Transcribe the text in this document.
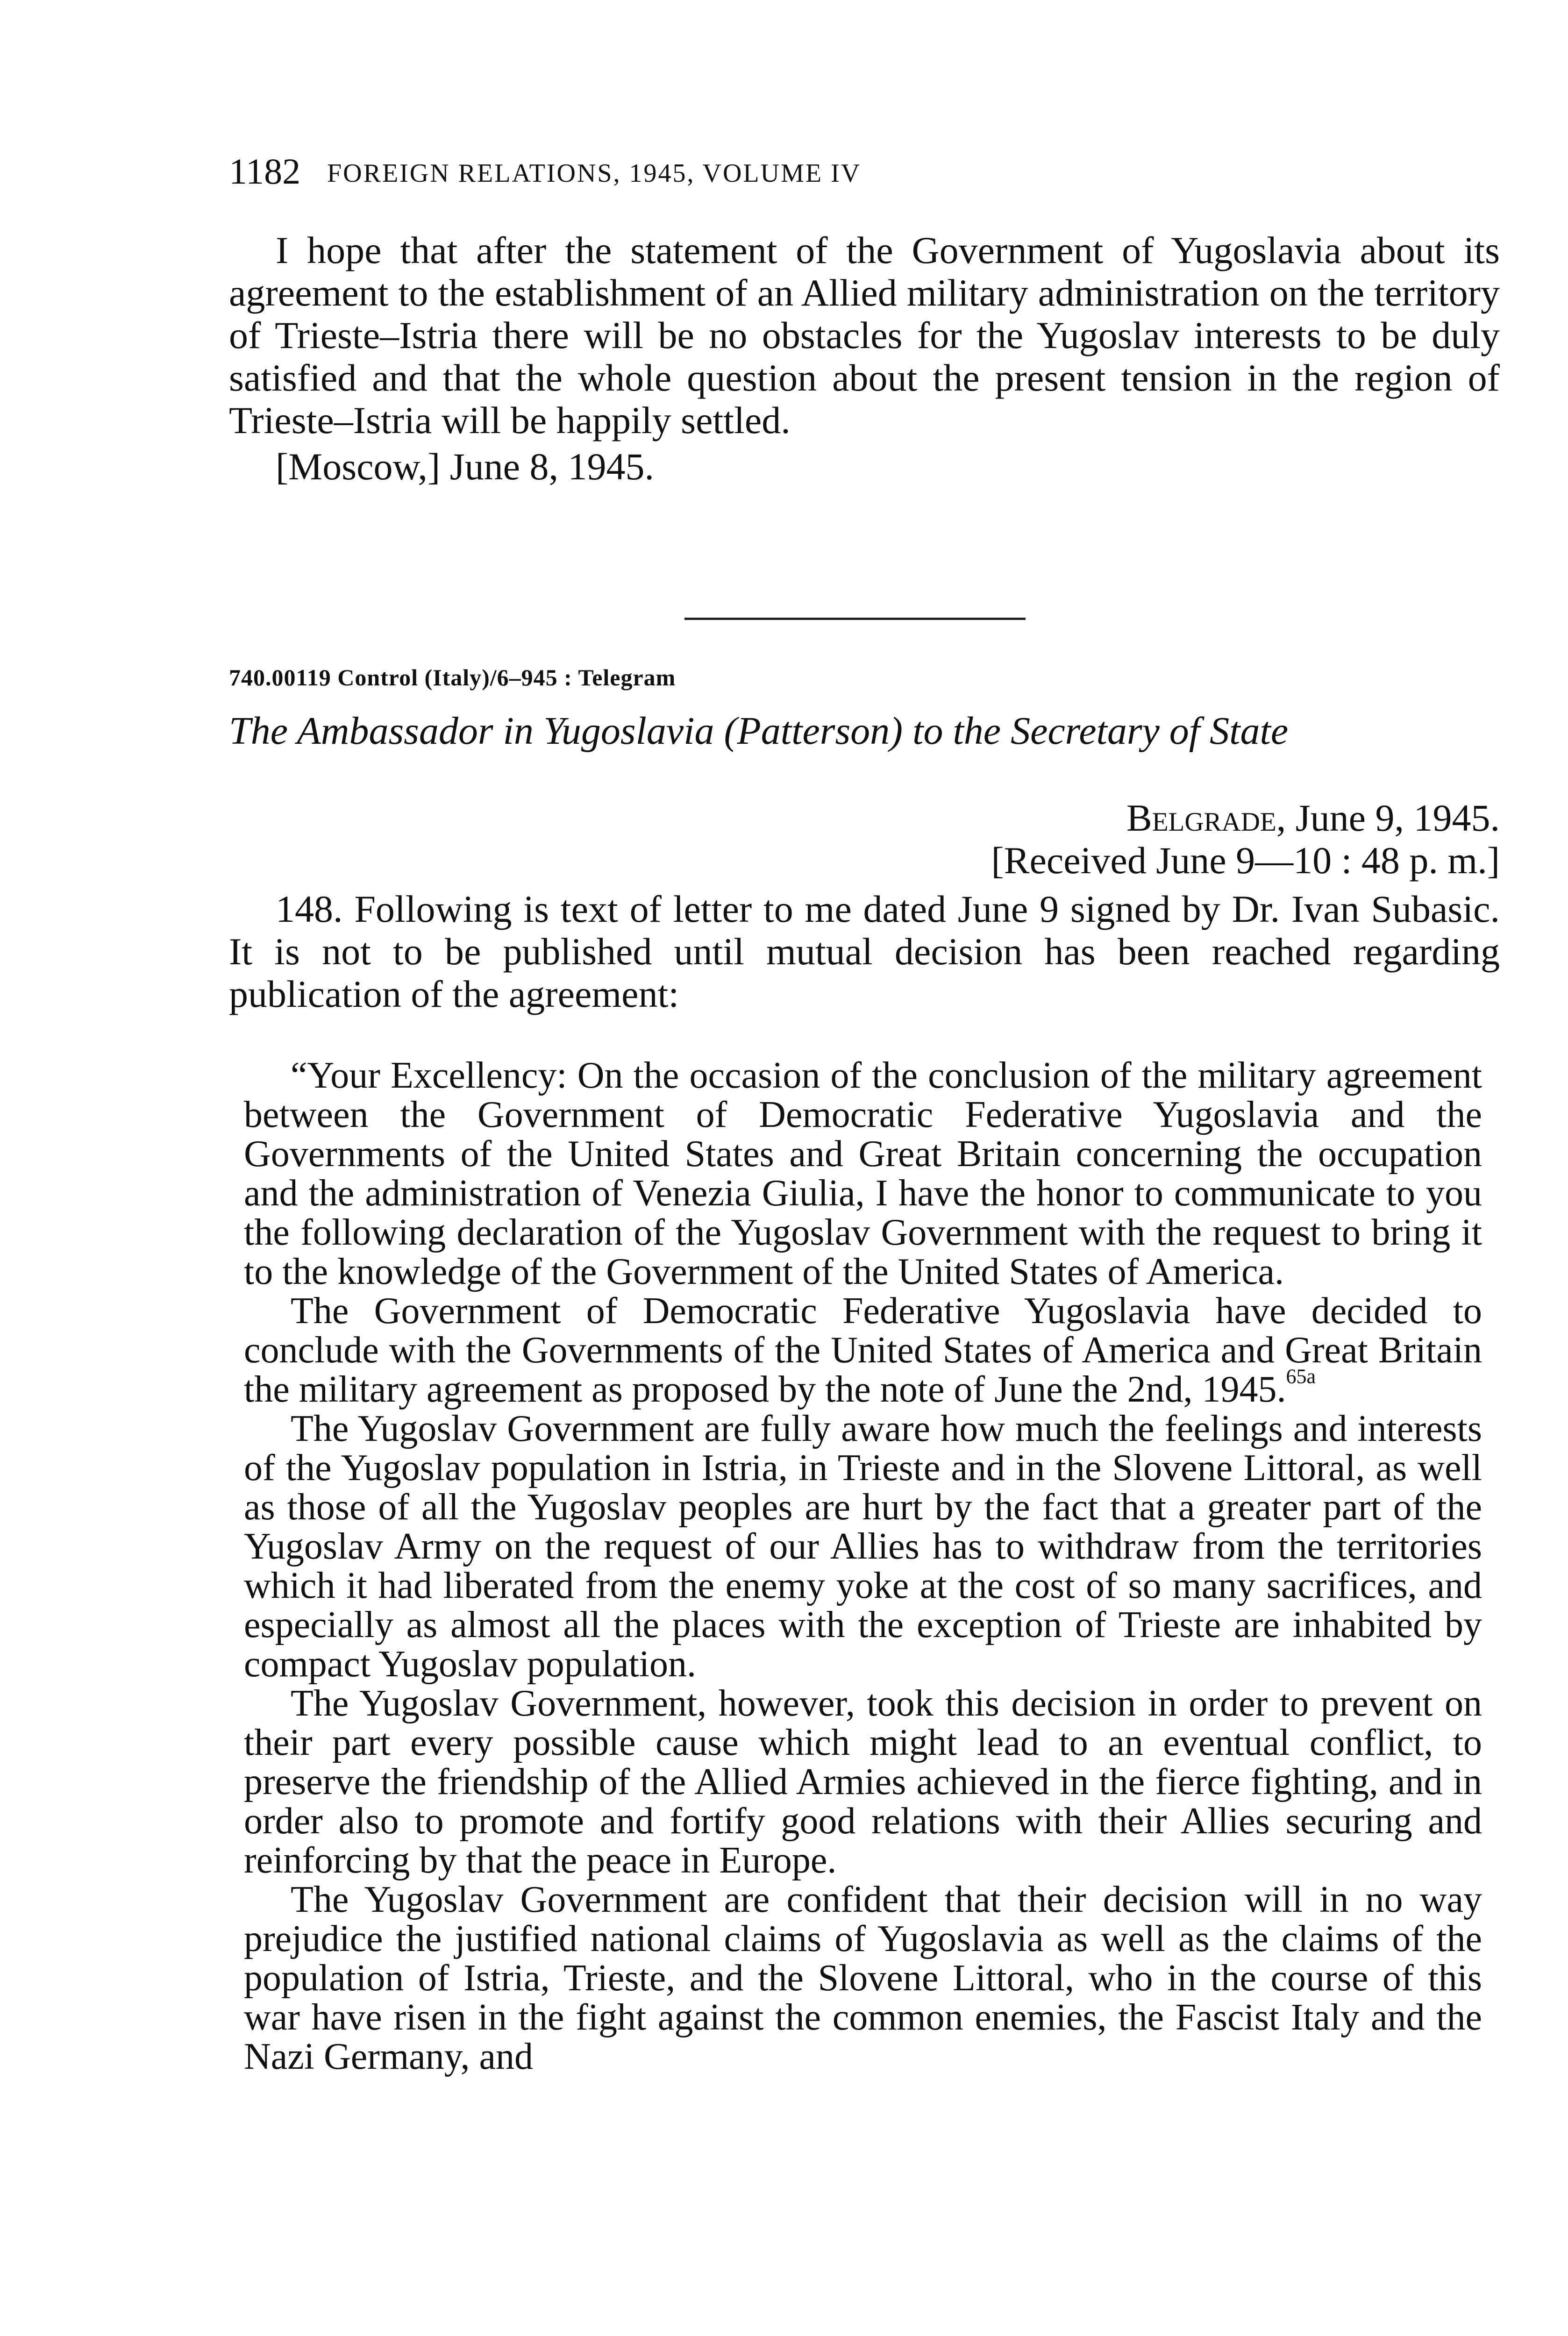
1182 FOREIGN RELATIONS, 1945, VOLUME IV

I hope that after the statement of the Government of Yugoslavia about its agreement to the establishment of an Allied military administration on the territory of Trieste–Istria there will be no obstacles for the Yugoslav interests to be duly satisfied and that the whole question about the present tension in the region of Trieste–Istria will be happily settled.

[Moscow,] June 8, 1945.
740.00119 Control (Italy)/6–945 : Telegram
The Ambassador in Yugoslavia (Patterson) to the Secretary of State
Belgrade, June 9, 1945.
[Received June 9—10 : 48 p. m.]

148. Following is text of letter to me dated June 9 signed by Dr. Ivan Subasic. It is not to be published until mutual decision has been reached regarding publication of the agreement:

“Your Excellency: On the occasion of the conclusion of the military agreement between the Government of Democratic Federative Yugoslavia and the Governments of the United States and Great Britain concerning the occupation and the administration of Venezia Giulia, I have the honor to communicate to you the following declaration of the Yugoslav Government with the request to bring it to the knowledge of the Government of the United States of America.

The Government of Democratic Federative Yugoslavia have decided to conclude with the Governments of the United States of America and Great Britain the military agreement as proposed by the note of June the 2nd, 1945.$^{65a}$

The Yugoslav Government are fully aware how much the feelings and interests of the Yugoslav population in Istria, in Trieste and in the Slovene Littoral, as well as those of all the Yugoslav peoples are hurt by the fact that a greater part of the Yugoslav Army on the request of our Allies has to withdraw from the territories which it had liberated from the enemy yoke at the cost of so many sacrifices, and especially as almost all the places with the exception of Trieste are inhabited by compact Yugoslav population.

The Yugoslav Government, however, took this decision in order to prevent on their part every possible cause which might lead to an eventual conflict, to preserve the friendship of the Allied Armies achieved in the fierce fighting, and in order also to promote and fortify good relations with their Allies securing and reinforcing by that the peace in Europe.

The Yugoslav Government are confident that their decision will in no way prejudice the justified national claims of Yugoslavia as well as the claims of the population of Istria, Trieste, and the Slovene Littoral, who in the course of this war have risen in the fight against the common enemies, the Fascist Italy and the Nazi Germany, and
